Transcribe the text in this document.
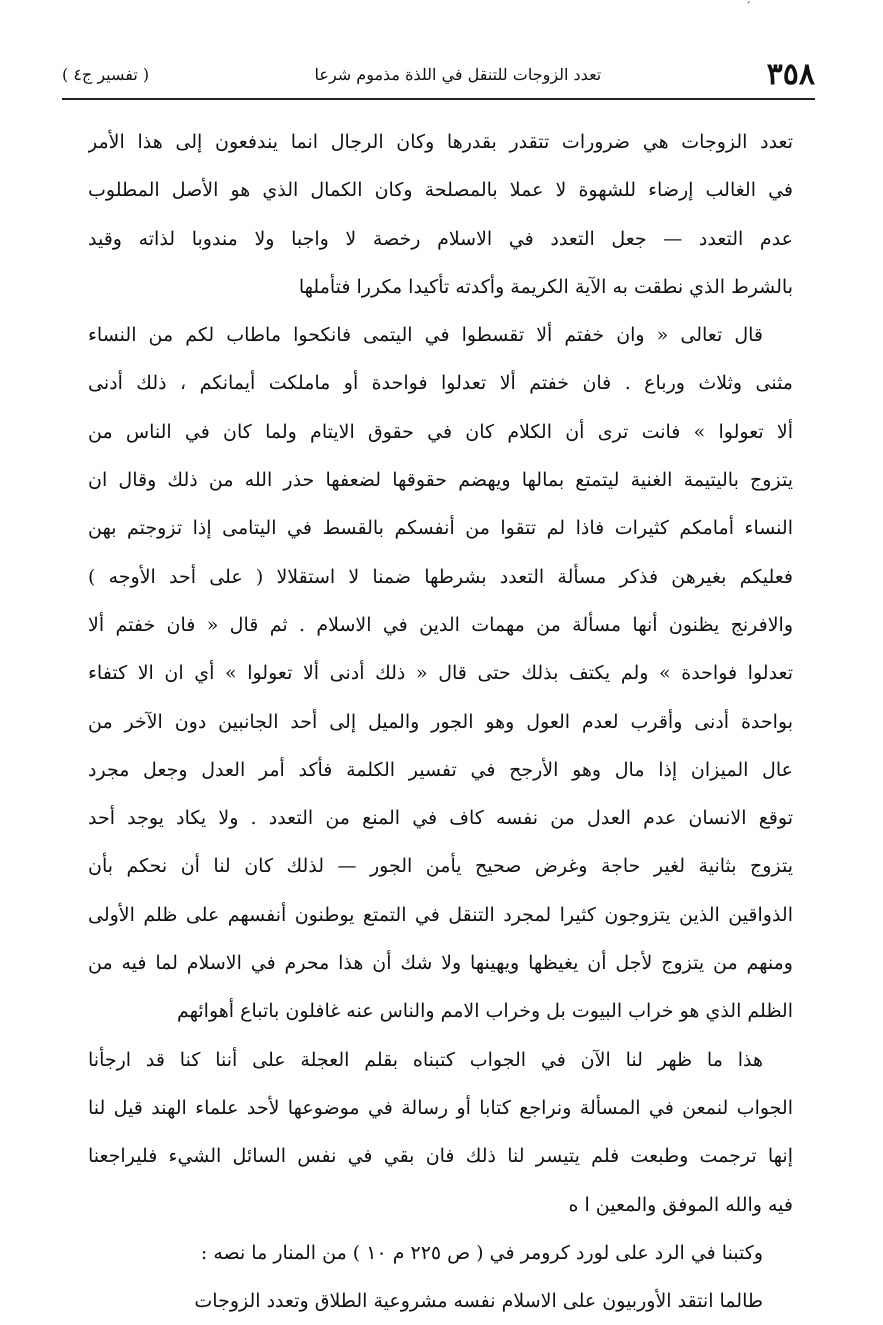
ˊ
٣٥٨
تعدد الزوجات للتنقل في اللذة مذموم شرعا
( تفسير ج٤ )
تعدد الزوجات هي ضرورات تتقدر بقدرها وكان الرجال انما يندفعون إلى هذا الأمر
في الغالب إرضاء للشهوة لا عملا بالمصلحة وكان الكمال الذي هو الأصل المطلوب
عدم التعدد — جعل التعدد في الاسلام رخصة لا واجبا ولا مندوبا لذاته وقيد
بالشرط الذي نطقت به الآية الكريمة وأكدته تأكيدا مكررا فتأملها
قال تعالى « وان خفتم ألا تقسطوا في اليتمى فانكحوا ماطاب لكم من النساء
مثنى وثلاث ورباع . فان خفتم ألا تعدلوا فواحدة أو ماملكت أيمانكم ، ذلك أدنى
ألا تعولوا » فانت ترى أن الكلام كان في حقوق الايتام ولما كان في الناس من
يتزوج باليتيمة الغنية ليتمتع بمالها ويهضم حقوقها لضعفها حذر الله من ذلك وقال ان
النساء أمامكم كثيرات فاذا لم تتقوا من أنفسكم بالقسط في اليتامى إذا تزوجتم بهن
فعليكم بغيرهن فذكر مسألة التعدد بشرطها ضمنا لا استقلالا ( على أحد الأوجه )
والافرنج يظنون أنها مسألة من مهمات الدين في الاسلام . ثم قال « فان خفتم ألا
تعدلوا فواحدة » ولم يكتف بذلك حتى قال « ذلك أدنى ألا تعولوا » أي ان الا كتفاء
بواحدة أدنى وأقرب لعدم العول وهو الجور والميل إلى أحد الجانبين دون الآخر من
عال الميزان إذا مال وهو الأرجح في تفسير الكلمة فأكد أمر العدل وجعل مجرد
توقع الانسان عدم العدل من نفسه كاف في المنع من التعدد . ولا يكاد يوجد أحد
يتزوج بثانية لغير حاجة وغرض صحيح يأمن الجور — لذلك كان لنا أن نحكم بأن
الذواقين الذين يتزوجون كثيرا لمجرد التنقل في التمتع يوطنون أنفسهم على ظلم الأولى
ومنهم من يتزوج لأجل أن يغيظها ويهينها ولا شك أن هذا محرم في الاسلام لما فيه من
الظلم الذي هو خراب البيوت بل وخراب الامم والناس عنه غافلون باتباع أهوائهم
هذا ما ظهر لنا الآن في الجواب كتبناه بقلم العجلة على أننا كنا قد ارجأنا
الجواب لنمعن في المسألة ونراجع كتابا أو رسالة في موضوعها لأحد علماء الهند قيل لنا
إنها ترجمت وطبعت فلم يتيسر لنا ذلك فان بقي في نفس السائل الشيء فليراجعنا
فيه والله الموفق والمعين ا ه
وكتبنا في الرد على لورد كرومر في ( ص ٢٢٥ م ١٠ ) من المنار ما نصه :
طالما انتقد الأوربيون على الاسلام نفسه مشروعية الطلاق وتعدد الزوجات
